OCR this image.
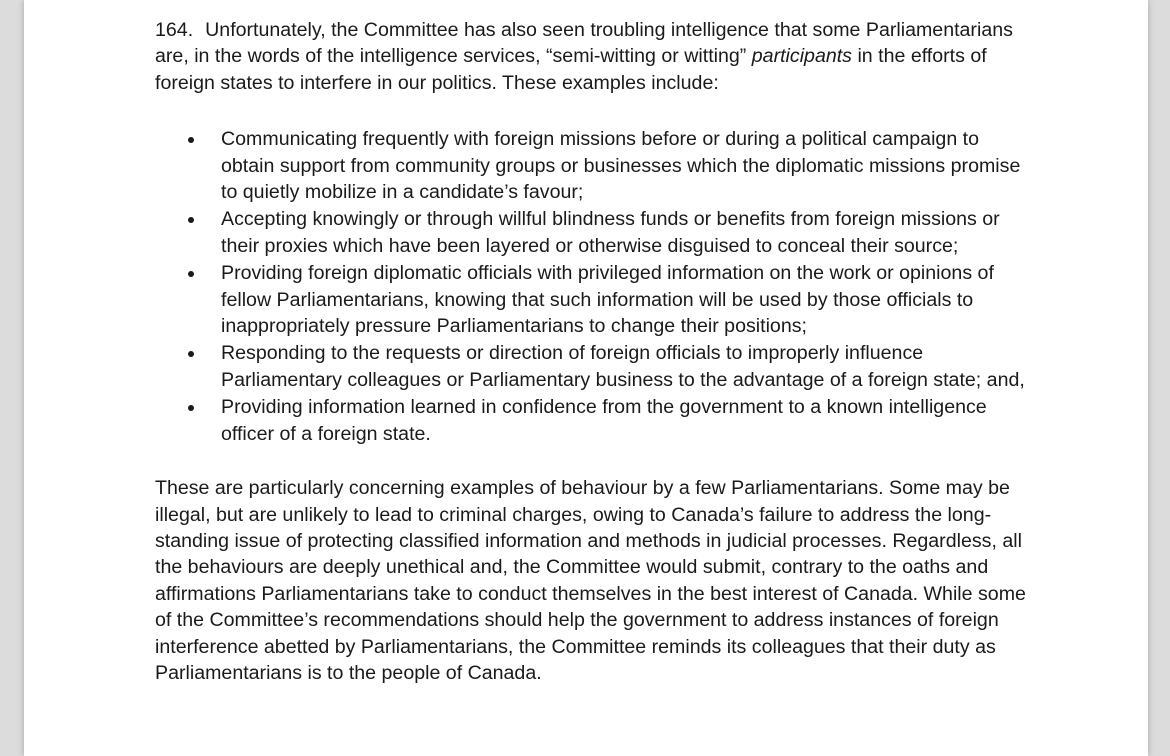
164. Unfortunately, the Committee has also seen troubling intelligence that some Parliamentarians are, in the words of the intelligence services, “semi-witting or witting” participants in the efforts of foreign states to interfere in our politics. These examples include:

Communicating frequently with foreign missions before or during a political campaign to obtain support from community groups or businesses which the diplomatic missions promise to quietly mobilize in a candidate’s favour;
Accepting knowingly or through willful blindness funds or benefits from foreign missions or their proxies which have been layered or otherwise disguised to conceal their source;
Providing foreign diplomatic officials with privileged information on the work or opinions of fellow Parliamentarians, knowing that such information will be used by those officials to inappropriately pressure Parliamentarians to change their positions;
Responding to the requests or direction of foreign officials to improperly influence Parliamentary colleagues or Parliamentary business to the advantage of a foreign state; and,
Providing information learned in confidence from the government to a known intelligence officer of a foreign state.

These are particularly concerning examples of behaviour by a few Parliamentarians. Some may be illegal, but are unlikely to lead to criminal charges, owing to Canada’s failure to address the long-standing issue of protecting classified information and methods in judicial processes. Regardless, all the behaviours are deeply unethical and, the Committee would submit, contrary to the oaths and affirmations Parliamentarians take to conduct themselves in the best interest of Canada. While some of the Committee’s recommendations should help the government to address instances of foreign interference abetted by Parliamentarians, the Committee reminds its colleagues that their duty as Parliamentarians is to the people of Canada.
